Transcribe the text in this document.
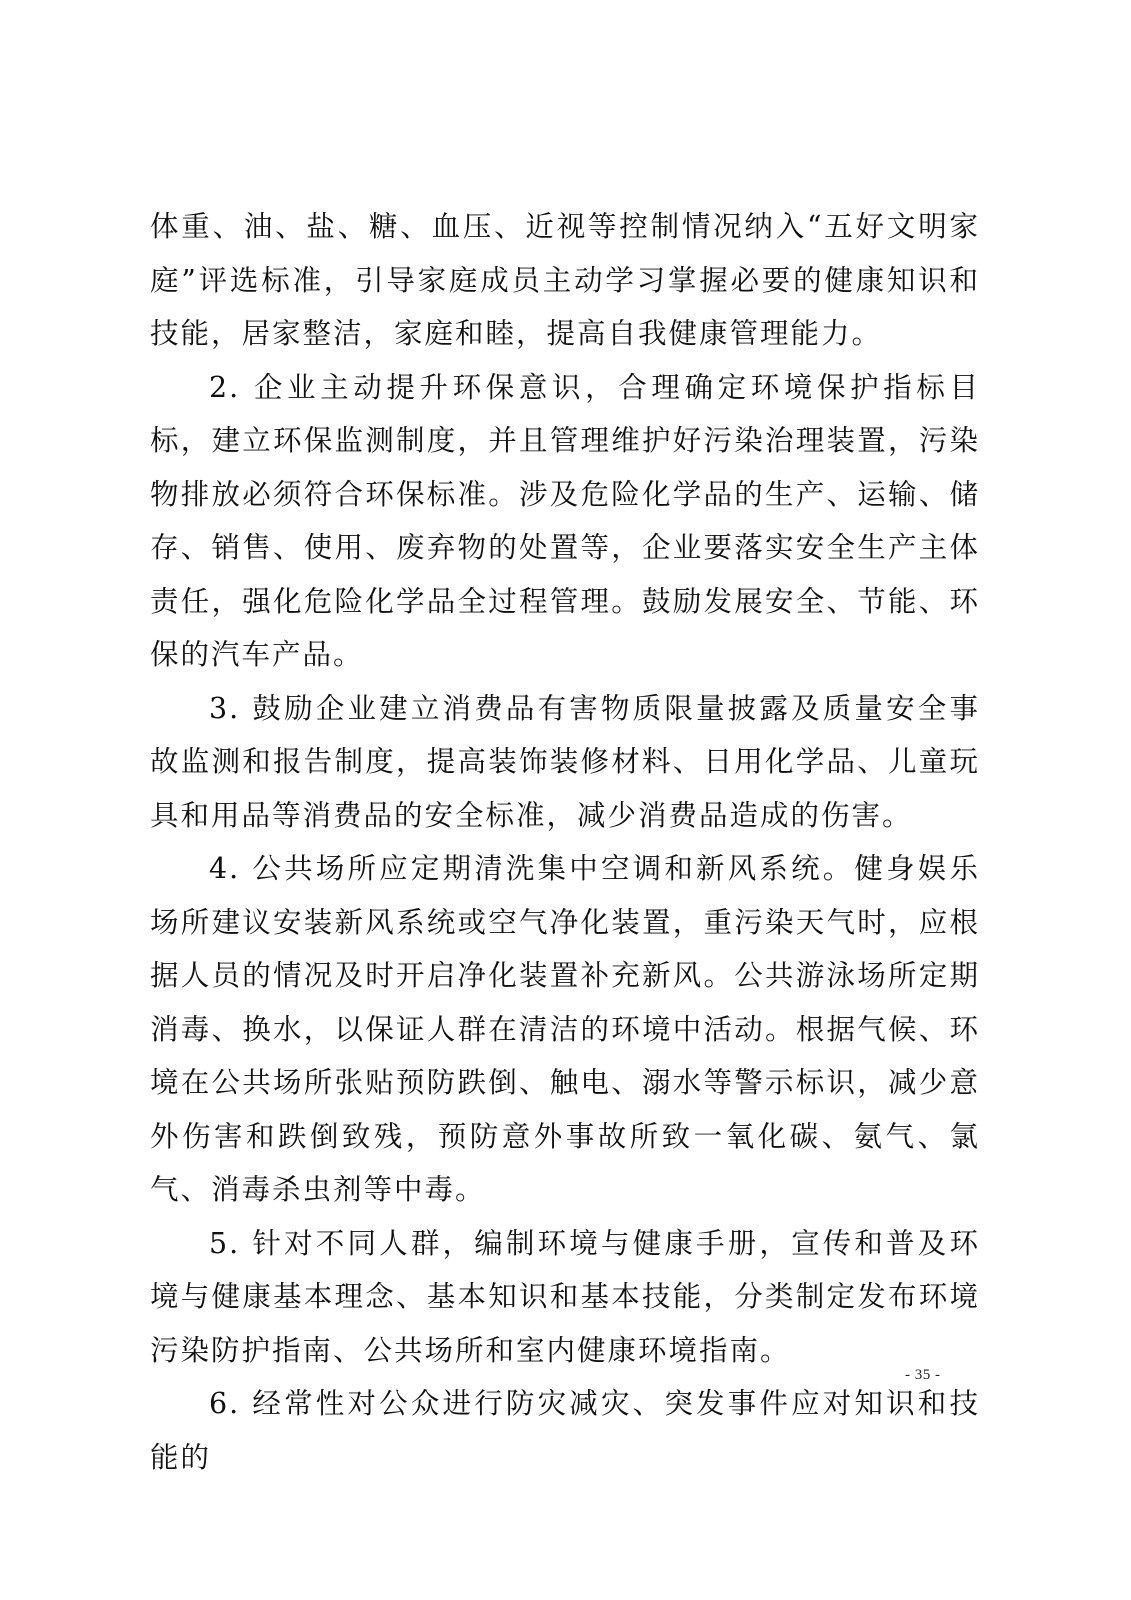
体重、油、盐、糖、血压、近视等控制情况纳入“五好文明家庭”评选标准，引导家庭成员主动学习掌握必要的健康知识和技能，居家整洁，家庭和睦，提高自我健康管理能力。

2. 企业主动提升环保意识，合理确定环境保护指标目标，建立环保监测制度，并且管理维护好污染治理装置，污染物排放必须符合环保标准。涉及危险化学品的生产、运输、储存、销售、使用、废弃物的处置等，企业要落实安全生产主体责任，强化危险化学品全过程管理。鼓励发展安全、节能、环保的汽车产品。

3. 鼓励企业建立消费品有害物质限量披露及质量安全事故监测和报告制度，提高装饰装修材料、日用化学品、儿童玩具和用品等消费品的安全标准，减少消费品造成的伤害。

4. 公共场所应定期清洗集中空调和新风系统。健身娱乐场所建议安装新风系统或空气净化装置，重污染天气时，应根据人员的情况及时开启净化装置补充新风。公共游泳场所定期消毒、换水，以保证人群在清洁的环境中活动。根据气候、环境在公共场所张贴预防跌倒、触电、溺水等警示标识，减少意外伤害和跌倒致残，预防意外事故所致一氧化碳、氨气、氯气、消毒杀虫剂等中毒。

5. 针对不同人群，编制环境与健康手册，宣传和普及环境与健康基本理念、基本知识和基本技能，分类制定发布环境污染防护指南、公共场所和室内健康环境指南。

6. 经常性对公众进行防灾减灾、突发事件应对知识和技能的

- 35 -
